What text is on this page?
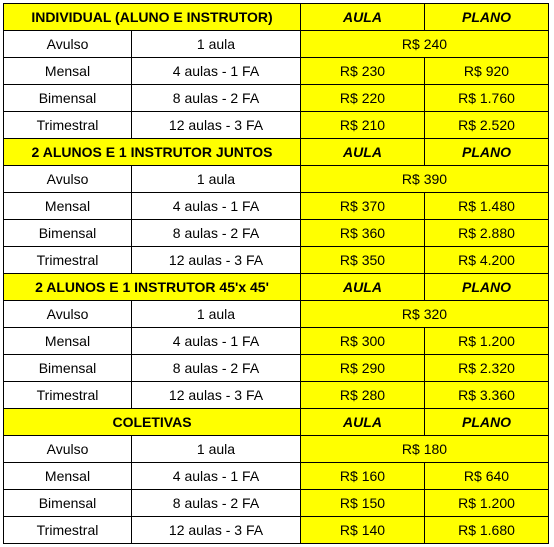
INDIVIDUAL (ALUNO E INSTRUTOR)		AULA	PLANO
Avulso	1 aula	R$ 240	
Mensal	4 aulas - 1 FA	R$ 230	R$ 920
Bimensal	8 aulas - 2 FA	R$ 220	R$ 1.760
Trimestral	12 aulas - 3 FA	R$ 210	R$ 2.520
2 ALUNOS E 1 INSTRUTOR JUNTOS		AULA	PLANO
Avulso	1 aula	R$ 390	
Mensal	4 aulas - 1 FA	R$ 370	R$ 1.480
Bimensal	8 aulas - 2 FA	R$ 360	R$ 2.880
Trimestral	12 aulas - 3 FA	R$ 350	R$ 4.200
2 ALUNOS E 1 INSTRUTOR 45'x 45'		AULA	PLANO
Avulso	1 aula	R$ 320	
Mensal	4 aulas - 1 FA	R$ 300	R$ 1.200
Bimensal	8 aulas - 2 FA	R$ 290	R$ 2.320
Trimestral	12 aulas - 3 FA	R$ 280	R$ 3.360
COLETIVAS		AULA	PLANO
Avulso	1 aula	R$ 180	
Mensal	4 aulas - 1 FA	R$ 160	R$ 640
Bimensal	8 aulas - 2 FA	R$ 150	R$ 1.200
Trimestral	12 aulas - 3 FA	R$ 140	R$ 1.680
